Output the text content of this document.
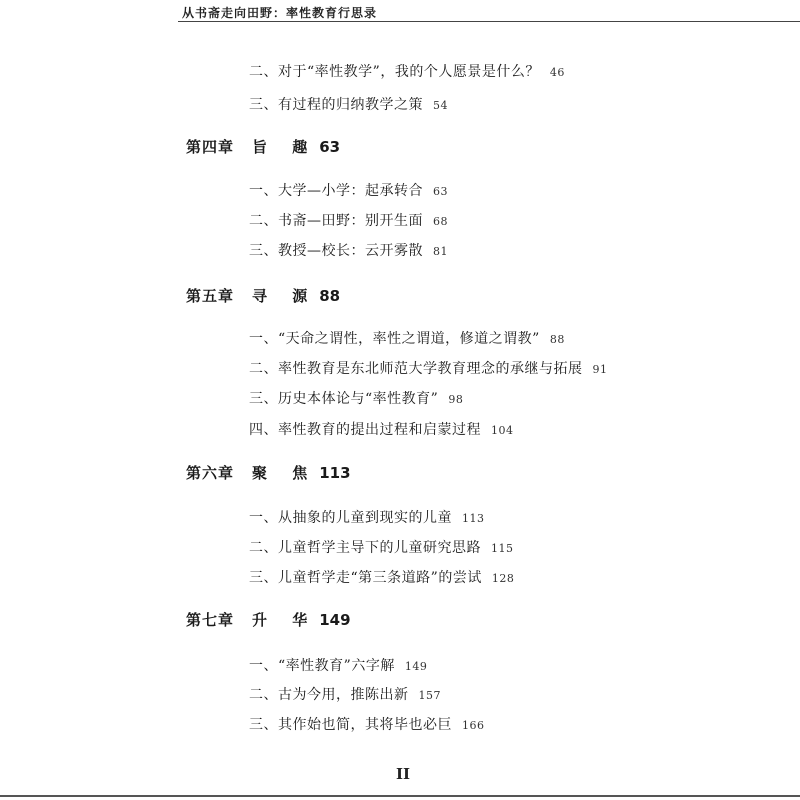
从书斋走向田野：率性教育行思录
二、对于“率性教学”，我的个人愿景是什么？ 46
三、有过程的归纳教学之策 54
第四章 旨 趣 63
一、大学—小学：起承转合 63
二、书斋—田野：别开生面 68
三、教授—校长：云开雾散 81
第五章 寻 源 88
一、“天命之谓性，率性之谓道，修道之谓教” 88
二、率性教育是东北师范大学教育理念的承继与拓展 91
三、历史本体论与“率性教育” 98
四、率性教育的提出过程和启蒙过程 104
第六章 聚 焦 113
一、从抽象的儿童到现实的儿童 113
二、儿童哲学主导下的儿童研究思路 115
三、儿童哲学走“第三条道路”的尝试 128
第七章 升 华 149
一、“率性教育”六字解 149
二、古为今用，推陈出新 157
三、其作始也简，其将毕也必巨 166
II
